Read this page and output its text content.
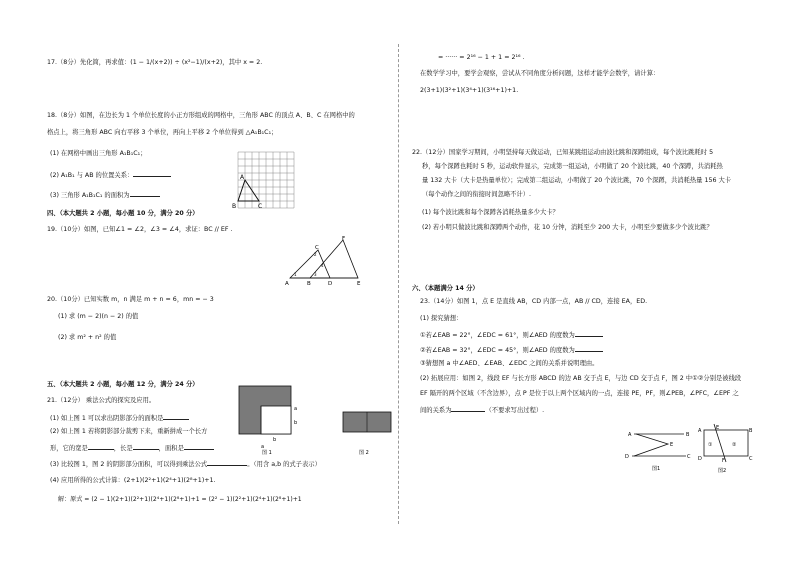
17.（8分）先化简，再求值：(1 − 1/(x+2)) ÷ (x²−1)/(x+2)，其中 x = 2.
18.（8分）如图，在边长为 1 个单位长度的小正方形组成的网格中，三角形 ABC 的顶点 A、B、C 在网格中的
格点上，将三角形 ABC 向右平移 3 个单位，再向上平移 2 个单位得到 △A₁B₁C₁；
(1) 在网格中画出三角形 A₁B₁C₁；
(2) A₁B₁ 与 AB 的位置关系：
(3) 三角形 A₁B₁C₁ 的面积为
A
B	C
四、（本大题共 2 小题，每小题 10 分，满分 20 分）
19.（10分）如图，已知∠1 = ∠2，∠3 = ∠4，求证：BC // EF .
C
F
A	B	D	E
1
2
3
4
20.（10分）已知实数 m，n 满足 m + n = 6，mn = − 3
(1) 求 (m − 2)(n − 2) 的值
(2) 求 m² + n² 的值
五、（本大题共 2 小题，每小题 12 分，满分 24 分）
21.（12分） 乘法公式的探究及应用。
(1) 如上图 1 可以求出阴影部分的面积是
(2) 如上图 1 若将阴影部分裁剪下来，重新拼成一个长方
形，它的宽是	，长是	，面积是
(3) 比较图 1，图 2 的阴影部分面积，可以得到乘法公式	。（用含 a,b 的式子表示）
(4) 应用所得的公式计算：(2+1)(2²+1)(2⁴+1)(2⁸+1)+1.
解：原式 = (2 − 1)(2+1)(2²+1)(2⁴+1)(2⁸+1)+1 = (2² − 1)(2²+1)(2⁴+1)(2⁸+1)+1
a
b
b
a
图 1	图 2
= ······ = 2¹⁶ − 1 + 1 = 2¹⁶ .
在数学学习中，要学会观察，尝试从不同角度分析问题，这样才能学会数学，请计算：
2(3+1)(3²+1)(3⁴+1)(3¹⁶+1)+1.
22.（12分）国家学习期间，小明坚持每天做运动，已知某跳组运动由波比跳和深蹲组成，每个波比跳耗时 5
秒，每个深蹲也耗时 5 秒，运动软件显示，完成第一组运动，小明做了 20 个波比跳，40 个深蹲，共消耗热
量 132 大卡（大卡是热量单位）；完成第二组运动，小明做了 20 个波比跳，70 个深蹲，共消耗热量 156 大卡
（每个动作之间的衔接时间忽略不计）.
(1) 每个波比跳和每个深蹲各消耗热量多少大卡？
(2) 若小明只做波比跳和深蹲两个动作，花 10 分钟，消耗至少 200 大卡，小明至少要做多少个波比跳？
六、（本题满分 14 分）
23.（14分）如图 1，点 E 是直线 AB，CD 内部一点，AB // CD，连接 EA，ED.
(1) 探究猜想：
①若∠EAB = 22°，∠EDC = 61°，则∠AED 的度数为
②若∠EAB = 32°，∠EDC = 45°，则∠AED 的度数为
③猜想图 a 中∠AED、∠EAB、∠EDC 之间的关系并说明理由。
(2) 拓展应用：如图 2，线段 EF 与长方形 ABCD 的边 AB 交于点 E，与边 CD 交于点 F，图 2 中①②分别是被线段
EF 隔开的两个区域（不含边界），点 P 是位于以上两个区域内的一点，连接 PE，PF，则∠PEB，∠PFC，∠EPF 之
间的关系为	（不要求写出过程）.
A	B
E
D	C
图1
A	E	B
D	F	C
①	②
图2
